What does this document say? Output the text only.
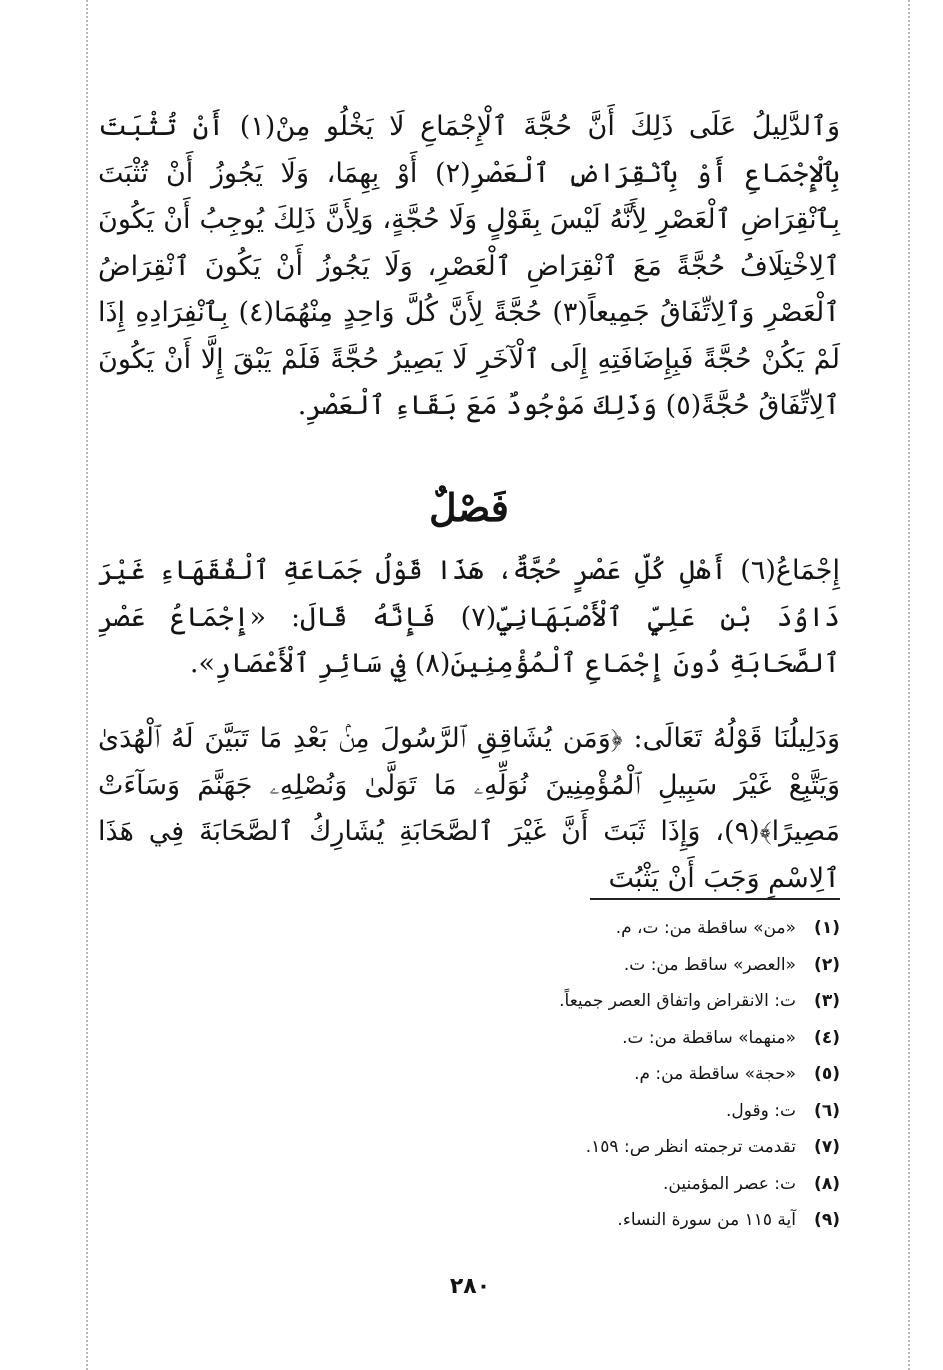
وَٱلدَّلِيلُ عَلَى ذَلِكَ أَنَّ حُجَّةَ ٱلْإِجْمَاعِ لَا يَخْلُو مِنْ(١) أَنْ تُثْبَتَ بِٱلْإِجْمَاعِ أَوْ بِٱنْقِرَاضِ ٱلْعَصْرِ(٢) أَوْ بِهِمَا، وَلَا يَجُوزُ أَنْ تُثْبَتَ بِٱنْقِرَاضِ ٱلْعَصْرِ لِأَنَّهُ لَيْسَ بِقَوْلٍ وَلَا حُجَّةٍ، وَلِأَنَّ ذَلِكَ يُوجِبُ أَنْ يَكُونَ ٱلِاخْتِلَافُ حُجَّةً مَعَ ٱنْقِرَاضِ ٱلْعَصْرِ، وَلَا يَجُوزُ أَنْ يَكُونَ ٱنْقِرَاضُ ٱلْعَصْرِ وَٱلِاتِّفَاقُ جَمِيعاً(٣) حُجَّةً لِأَنَّ كُلَّ وَاحِدٍ مِنْهُمَا(٤) بِٱنْفِرَادِهِ إِذَا لَمْ يَكُنْ حُجَّةً فَبِإِضَافَتِهِ إِلَى ٱلْآخَرِ لَا يَصِيرُ حُجَّةً فَلَمْ يَبْقَ إِلَّا أَنْ يَكُونَ ٱلِاتِّفَاقُ حُجَّةً(٥) وَذَلِكَ مَوْجُودٌ مَعَ بَقَاءِ ٱلْعَصْرِ.
فَصْلٌ
إِجْمَاعُ(٦) أَهْلِ كُلِّ عَصْرٍ حُجَّةٌ، هَذَا قَوْلُ جَمَاعَةِ ٱلْفُقَهَاءِ غَيْرَ دَاوُدَ بْنِ عَلِيٍّ ٱلْأَصْبَهَانِيِّ(٧) فَإِنَّهُ قَالَ: «إِجْمَاعُ عَصْرِ ٱلصَّحَابَةِ دُونَ إِجْمَاعِ ٱلْمُؤْمِنِينَ(٨) فِي سَائِرِ ٱلْأَعْصَارِ».
وَدَلِيلُنَا قَوْلُهُ تَعَالَى: ﴿وَمَن يُشَاقِقِ ٱلرَّسُولَ مِنۢ بَعْدِ مَا تَبَيَّنَ لَهُ ٱلْهُدَىٰ وَيَتَّبِعْ غَيْرَ سَبِيلِ ٱلْمُؤْمِنِينَ نُوَلِّهِۦ مَا تَوَلَّىٰ وَنُصْلِهِۦ جَهَنَّمَ وَسَآءَتْ مَصِيرًا﴾(٩)، وَإِذَا ثَبَتَ أَنَّ غَيْرَ ٱلصَّحَابَةِ يُشَارِكُ ٱلصَّحَابَةَ فِي هَذَا ٱلِاسْمِ وَجَبَ أَنْ يَثْبُتَ
(١)«من» ساقطة من: ت، م.
(٢)«العصر» ساقط من: ت.
(٣)ت: الانقراض واتفاق العصر جميعاً.
(٤)«منهما» ساقطة من: ت.
(٥)«حجة» ساقطة من: م.
(٦)ت: وقول.
(٧)تقدمت ترجمته انظر ص: ١٥٩.
(٨)ت: عصر المؤمنين.
(٩)آية ١١٥ من سورة النساء.
٢٨٠
